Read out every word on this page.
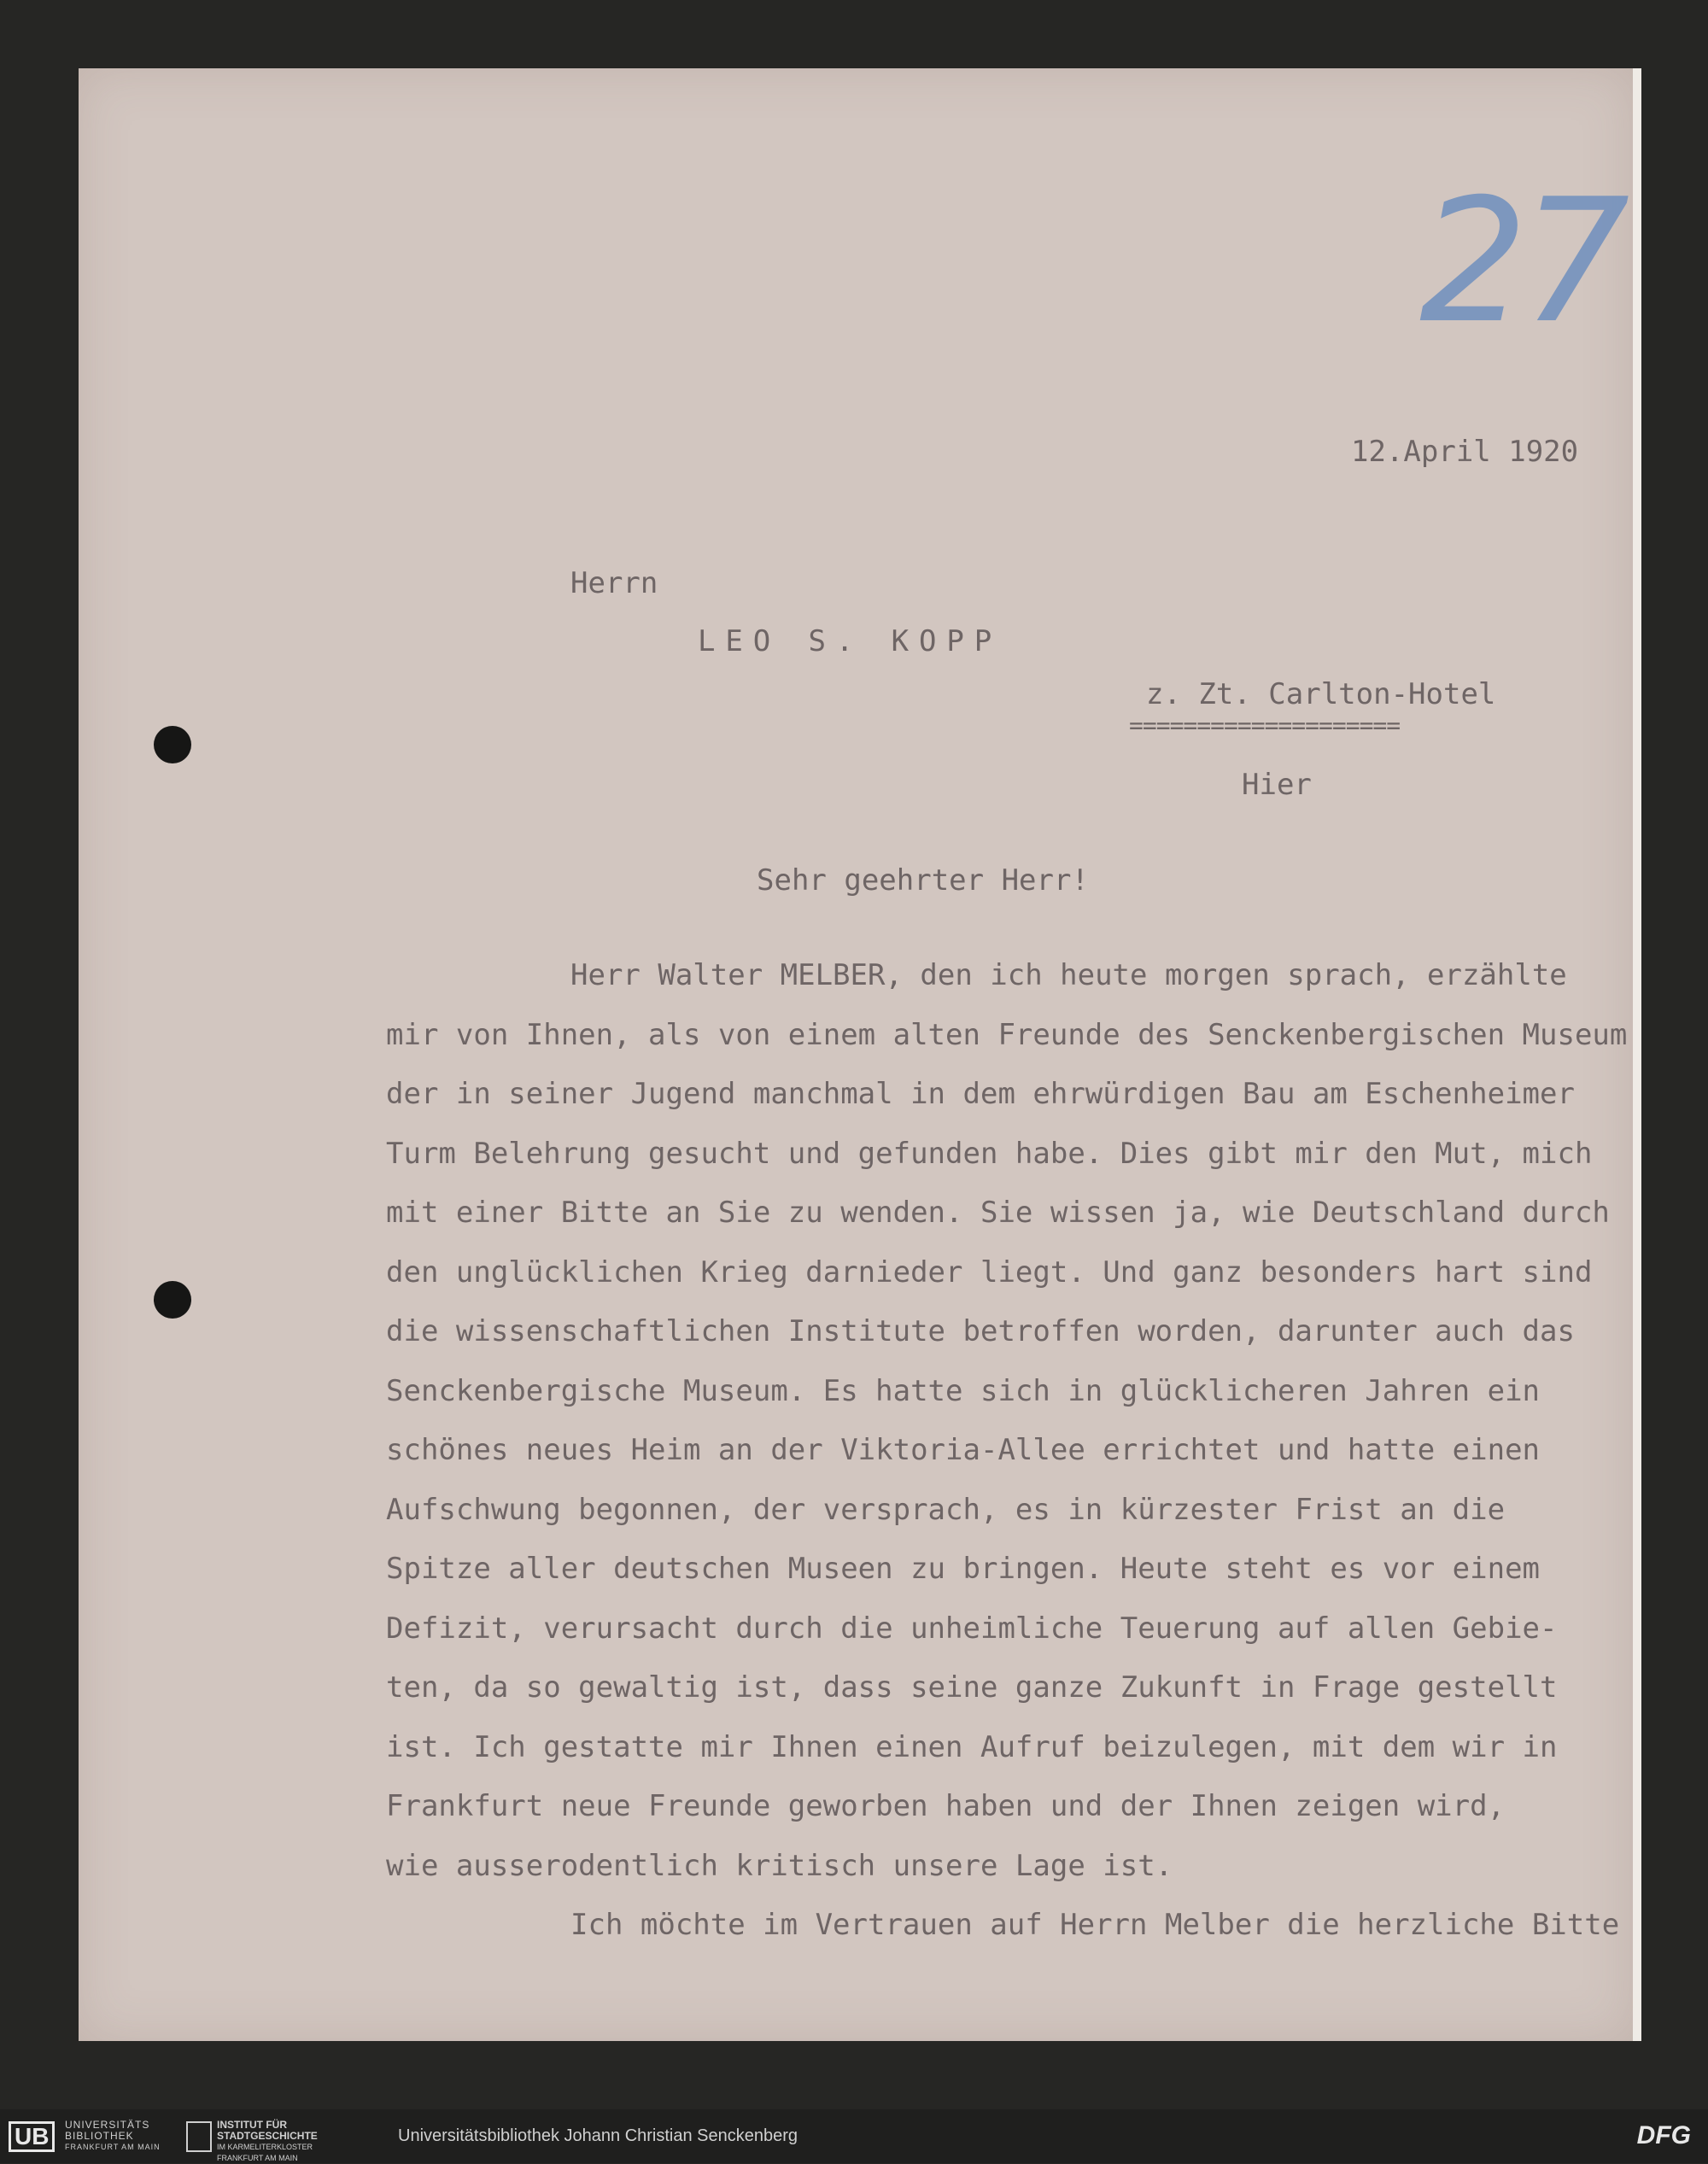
27
12.April 1920
Herrn
LEO S. KOPP
z. Zt. Carlton-Hotel
====================
Hier
Sehr geehrter Herr!
Herr Walter MELBER, den ich heute morgen sprach, erzählte
mir von Ihnen, als von einem alten Freunde des Senckenbergischen Museum
der in seiner Jugend manchmal in dem ehrwürdigen Bau am Eschenheimer
Turm Belehrung gesucht und gefunden habe. Dies gibt mir den Mut, mich
mit einer Bitte an Sie zu wenden. Sie wissen ja, wie Deutschland durch
den unglücklichen Krieg darnieder liegt. Und ganz besonders hart sind
die wissenschaftlichen Institute betroffen worden, darunter auch das
Senckenbergische Museum. Es hatte sich in glücklicheren Jahren ein
schönes neues Heim an der Viktoria-Allee errichtet und hatte einen
Aufschwung begonnen, der versprach, es in kürzester Frist an die
Spitze aller deutschen Museen zu bringen. Heute steht es vor einem
Defizit, verursacht durch die unheimliche Teuerung auf allen Gebie-
ten, da so gewaltig ist, dass seine ganze Zukunft in Frage gestellt
ist. Ich gestatte mir Ihnen einen Aufruf beizulegen, mit dem wir in
Frankfurt neue Freunde geworben haben und der Ihnen zeigen wird,
wie ausserodentlich kritisch unsere Lage ist.
Ich möchte im Vertrauen auf Herrn Melber die herzliche Bitte
UB	UNIVERSITÄTS
BIBLIOTHEK
FRANKFURT AM MAIN
INSTITUT FÜR
STADTGESCHICHTE
IM KARMELITERKLOSTER
FRANKFURT AM MAIN
Universitätsbibliothek Johann Christian Senckenberg	DFG
